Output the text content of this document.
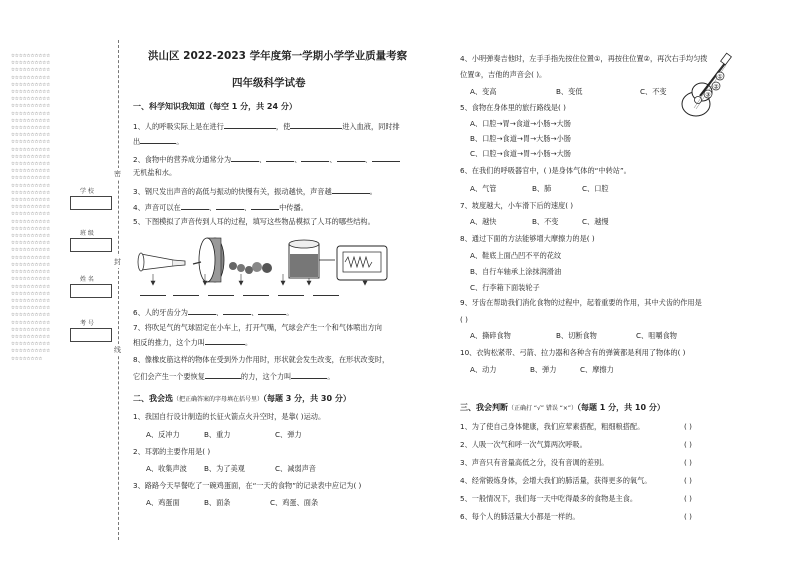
☆☆☆☆☆☆☆☆☆☆☆☆☆☆☆☆☆☆☆☆☆☆☆☆☆☆☆☆☆☆☆☆☆☆☆☆☆☆☆☆☆☆☆☆☆☆☆☆☆☆☆☆☆☆☆☆☆☆☆☆☆☆☆☆☆☆☆☆☆☆☆☆☆☆☆☆☆☆☆☆☆☆☆☆☆☆☆☆☆☆☆☆☆☆☆☆☆☆☆☆☆☆☆☆☆☆☆☆☆☆☆☆☆☆☆☆☆☆☆☆☆☆☆☆☆☆☆☆☆☆☆☆☆☆☆☆☆☆☆☆☆☆☆☆☆☆☆☆☆☆☆☆☆☆☆☆☆☆☆☆☆☆☆☆☆☆☆☆☆☆☆☆☆☆☆☆☆☆☆☆☆☆☆☆☆☆☆☆☆☆☆☆☆☆☆☆☆☆☆☆☆☆☆☆☆☆☆☆☆☆☆☆☆☆☆☆☆☆☆☆☆☆☆☆☆☆☆☆☆☆☆☆☆☆☆☆☆☆☆☆☆☆☆☆☆☆☆☆☆☆☆☆☆☆☆☆☆☆☆☆☆☆☆☆☆☆☆☆☆☆☆☆☆☆☆☆☆☆☆☆☆☆☆☆☆☆☆☆☆☆☆☆☆☆☆☆☆☆☆☆☆☆☆☆☆☆☆☆☆☆☆☆☆☆☆☆☆☆☆☆☆☆☆☆☆☆☆☆☆☆☆☆☆☆☆☆☆☆☆☆☆☆☆☆☆☆☆☆☆☆☆☆☆☆☆☆☆☆☆☆☆☆☆☆☆☆☆☆☆☆☆☆☆☆☆☆☆☆☆☆☆☆☆☆☆☆☆☆☆☆☆☆☆☆☆☆☆☆☆☆☆☆☆☆☆☆☆☆☆☆☆☆☆☆☆☆☆☆☆☆☆☆☆☆☆☆☆☆
学 校
班 级
姓 名
考 号
密
封
线
洪山区 2022-2023 学年度第一学期小学学业质量考察
四年级科学试卷
一、科学知识我知道（每空 1 分，共 24 分）
1、人的呼吸实际上是在进行	，使	进入血液，同时排
出	。
2、食物中的营养成分通常分为	、	、	、	、
无机盐和水。
3、钢尺发出声音的高低与振动的快慢有关，振动越快，声音越	。
4、声音可以在	、	、	中传播。
5、下图模拟了声音传到人耳的过程，填写这些物品模拟了人耳的哪些结构。

6、人的牙齿分为	、	、	。
7、将吹足气的气球固定在小车上，打开气嘴，气球会产生一个和气体喷出方向
相反的推力，这个力叫	。
8、像橡皮筋这样的物体在受到外力作用时，形状就会发生改变，在形状改变时，
它们会产生一个要恢复	的力，这个力叫	。
二、我会选（把正确答案的字母填在括号里）（每题 3 分，共 30 分）
1、我国自行设计制造的长征火箭点火升空时，是靠( )运动。
A、反冲力	B、重力	C、弹力
2、耳郭的主要作用是( )
A、收集声波 B、为了美观	C、减弱声音
3、路路今天早餐吃了一碗鸡蛋面，在“一天的食物”的记录表中应记为( )
A、鸡蛋面	B、面条	C、鸡蛋、面条
4、小明弹奏吉他时，左手手指先按住位置①，再按住位置②，再次右手均匀拨
位置③，吉他的声音会( )。
A、变高	B、变低	C、不变
①
②
③
5、食物在身体里的旅行路线是( )
A、口腔→胃→食道→小肠→大肠
B、口腔→食道→胃→大肠→小肠
C、口腔→食道→胃→小肠→大肠
6、在我们的呼吸器官中，( )是身体气体的“中转站”。
A、气管	B、肺	C、口腔
7、坡度越大，小车滑下后的速度( )
A、越快	B、不变	C、越慢
8、通过下面的方法能够增大摩擦力的是( )
A、鞋底上面凸凹不平的花纹
B、自行车轴承上涂抹润滑油
C、行李箱下面装轮子
9、牙齿在帮助我们消化食物的过程中，起着重要的作用，其中犬齿的作用是
( )
A、撕碎食物	B、切断食物	C、咀嚼食物
10、衣钩松紧带、弓箭、拉力器和各种含有的弹簧都是利用了物体的( )
A、动力	B、弹力	C、摩擦力
三、我会判断（正确打 “√” 错误 “×”）（每题 1 分，共 10 分）
1、为了使自己身体健康，我们应荤素搭配，粗细粮搭配。
2、人吸一次气和呼一次气算两次呼吸。
3、声音只有音量高低之分，没有音调的差别。
4、经常锻炼身体，会增大我们的肺活量，获得更多的氧气。
5、一般情况下，我们每一天中吃得最多的食物是主食。
6、每个人的肺活量大小都是一样的。
( )
( )
( )
( )
( )
( )
